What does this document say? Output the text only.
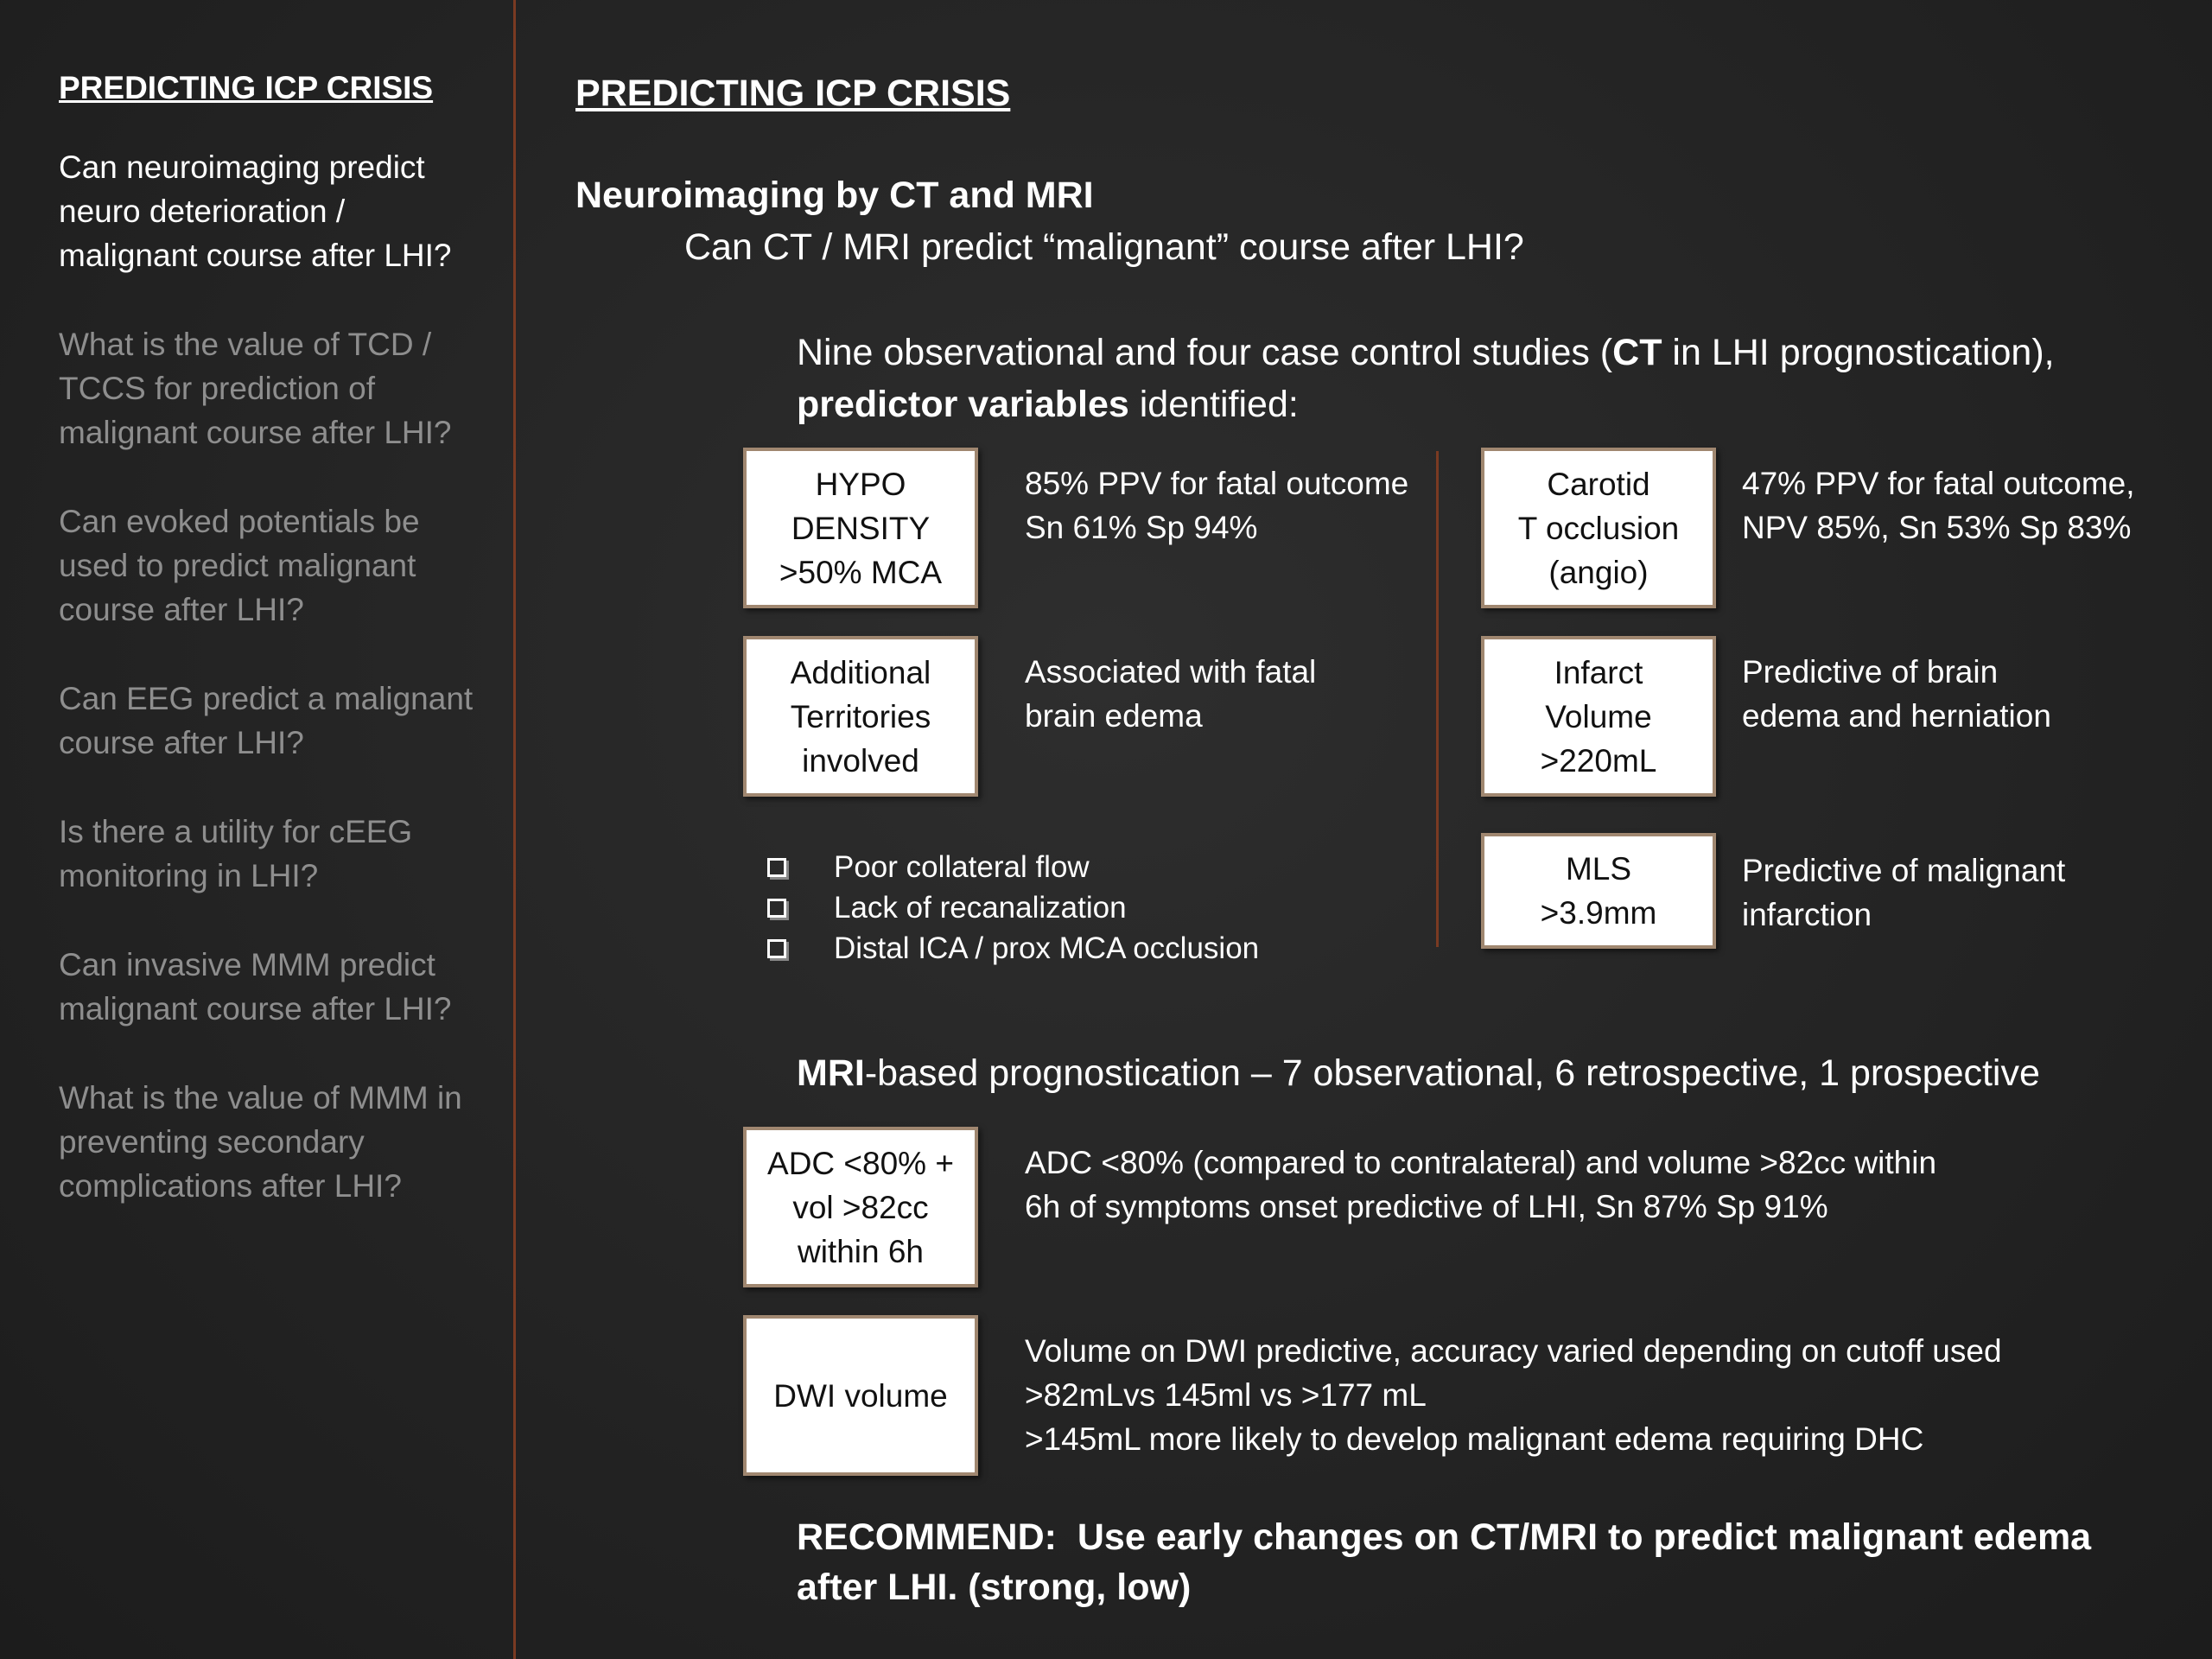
PREDICTING ICP CRISIS
Can neuroimaging predict neuro deterioration / malignant course after LHI?
What is the value of TCD / TCCS for prediction of malignant course after LHI?
Can evoked potentials be used to predict malignant course after LHI?
Can EEG predict a malignant course after LHI?
Is there a utility for cEEG monitoring in LHI?
Can invasive MMM predict malignant course after LHI?
What is the value of MMM in preventing secondary complications after LHI?
PREDICTING ICP CRISIS
Neuroimaging by CT and MRI
Can CT / MRI predict “malignant” course after LHI?
Nine observational and four case control studies (CT in LHI prognostication),
predictor variables identified:
HYPO
DENSITY
>50% MCA
85% PPV for fatal outcome
Sn 61% Sp 94%
Additional
Territories
involved
Associated with fatal
brain edema
Carotid
T occlusion
(angio)
47% PPV for fatal outcome,
NPV 85%, Sn 53% Sp 83%
Infarct
Volume
>220mL
Predictive of brain
edema and herniation
MLS
>3.9mm
Predictive of malignant
infarction
Poor collateral flow
Lack of recanalization
Distal ICA / prox MCA occlusion
MRI-based prognostication – 7 observational, 6 retrospective, 1 prospective
ADC <80% +
vol >82cc
within 6h
ADC <80% (compared to contralateral) and volume >82cc within
6h of symptoms onset predictive of LHI, Sn 87% Sp 91%
DWI volume
Volume on DWI predictive, accuracy varied depending on cutoff used
>82mLvs 145ml vs >177 mL
>145mL more likely to develop malignant edema requiring DHC
RECOMMEND:  Use early changes on CT/MRI to predict malignant edema
after LHI. (strong, low)
